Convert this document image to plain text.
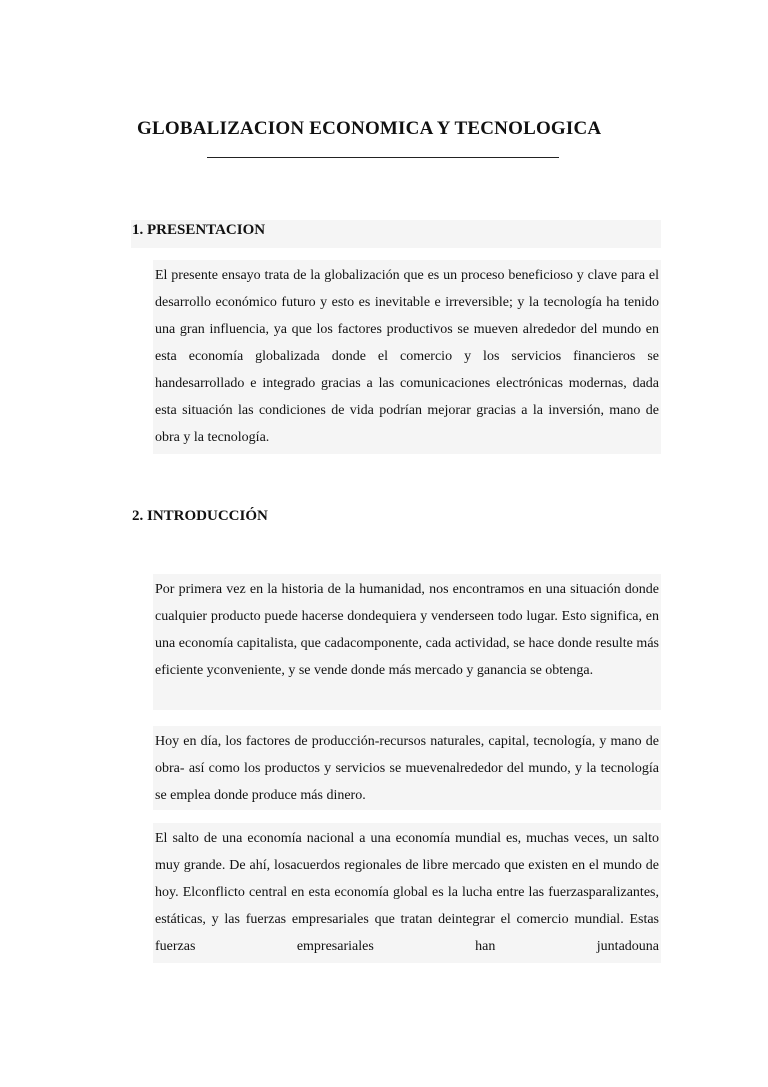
GLOBALIZACION ECONOMICA Y TECNOLOGICA
1. PRESENTACION
El presente ensayo trata de la globalización que es un proceso beneficioso y clave para el desarrollo económico futuro y esto es inevitable e irreversible; y la tecnología ha tenido una gran influencia, ya que los factores productivos se mueven alrededor del mundo en esta economía globalizada donde el comercio y los servicios financieros se handesarrollado e integrado gracias a las comunicaciones electrónicas modernas, dada esta situación las condiciones de vida podrían mejorar gracias a la inversión, mano de obra y la tecnología.
2. INTRODUCCIÓN
Por primera vez en la historia de la humanidad, nos encontramos en una situación donde cualquier producto puede hacerse dondequiera y venderseen todo lugar. Esto significa, en una economía capitalista, que cadacomponente, cada actividad, se hace donde resulte más eficiente yconveniente, y se vende donde más mercado y ganancia se obtenga.
Hoy en día, los factores de producción-recursos naturales, capital, tecnología, y mano de obra- así como los productos y servicios se muevenalrededor del mundo, y la tecnología se emplea donde produce más dinero.
El salto de una economía nacional a una economía mundial es, muchas veces, un salto muy grande. De ahí, losacuerdos regionales de libre mercado que existen en el mundo de hoy. Elconflicto central en esta economía global es la lucha entre las fuerzasparalizantes, estáticas, y las fuerzas empresariales que tratan deintegrar el comercio mundial. Estas fuerzas empresariales han juntadouna
